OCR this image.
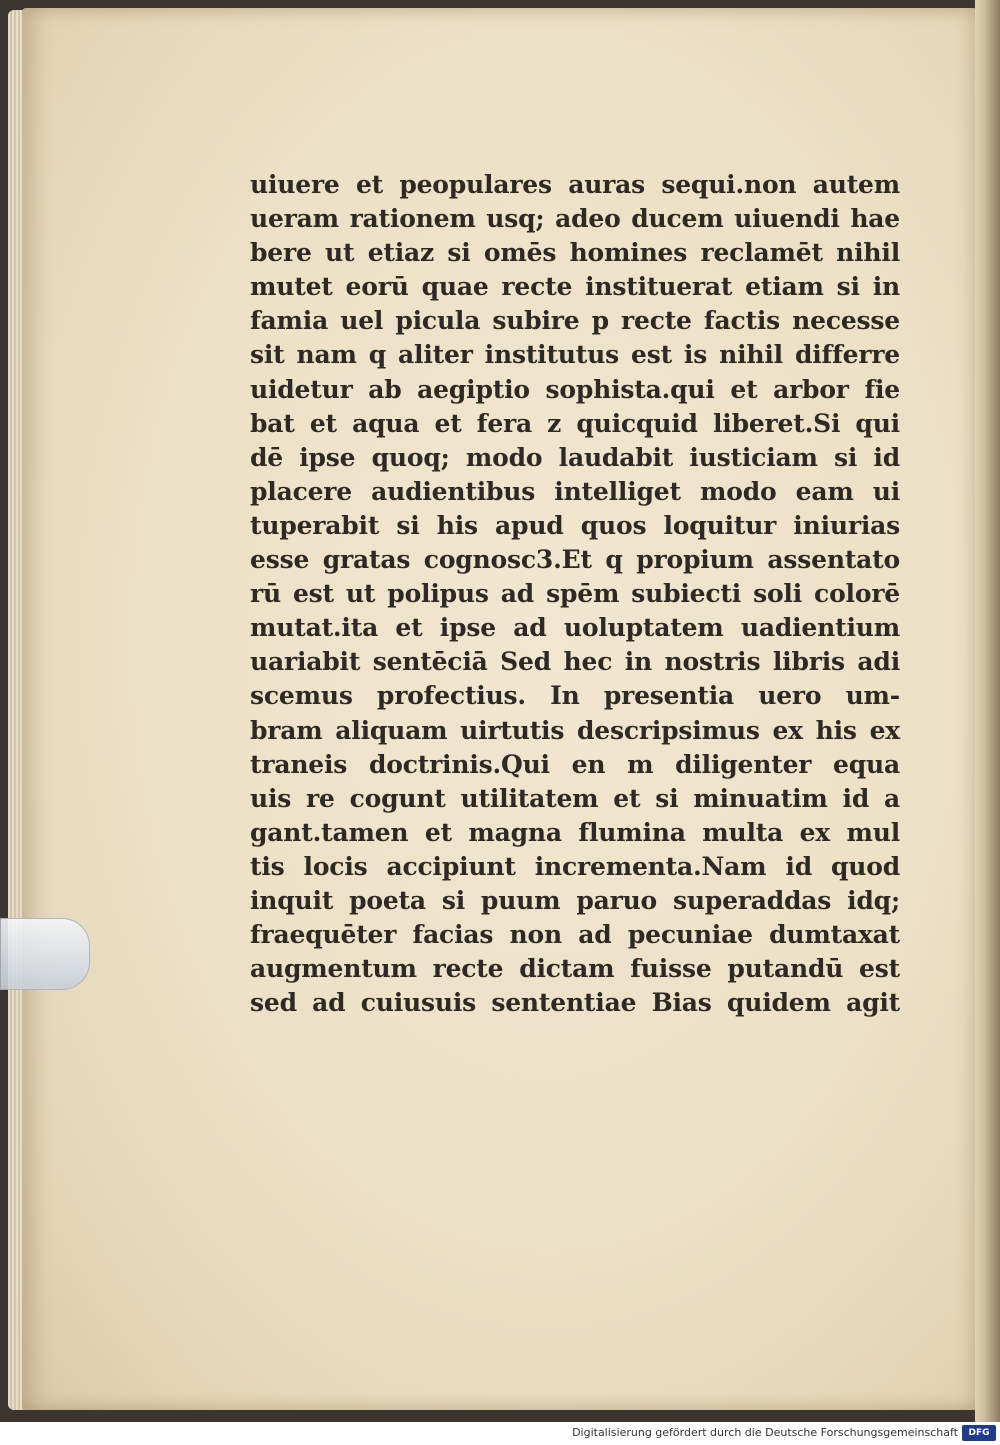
uiuere et peopulares auras sequi.non autem
ueram rationem usq; adeo ducem uiuendi hae
bere ut etiaz si omēs homines reclamēt nihil
mutet eorū quae recte instituerat etiam si in
famia uel picula subire p recte factis necesse
sit nam q aliter institutus est is nihil differre
uidetur ab aegiptio sophista.qui et arbor fie
bat et aqua et fera z quicquid liberet.Si qui
dē ipse quoq; modo laudabit iusticiam si id
placere audientibus intelliget modo eam ui
tuperabit si his apud quos loquitur iniurias
esse gratas cognosc3.Et q propium assentato
rū est ut polipus ad spēm subiecti soli colorē
mutat.ita et ipse ad uoluptatem uadientium
uariabit sentēciā Sed hec in nostris libris adi
scemus profectius. In presentia uero um-
bram aliquam uirtutis descripsimus ex his ex
traneis doctrinis.Qui en m diligenter equa
uis re cogunt utilitatem et si minuatim id a
gant.tamen et magna flumina multa ex mul
tis locis accipiunt incrementa.Nam id quod
inquit poeta si puum paruo superaddas idq;
fraequēter facias non ad pecuniae dumtaxat
augmentum recte dictam fuisse putandū est
sed ad cuiusuis sententiae Bias quidem agit
Digitalisierung gefördert durch die Deutsche Forschungsgemeinschaft	DFG
